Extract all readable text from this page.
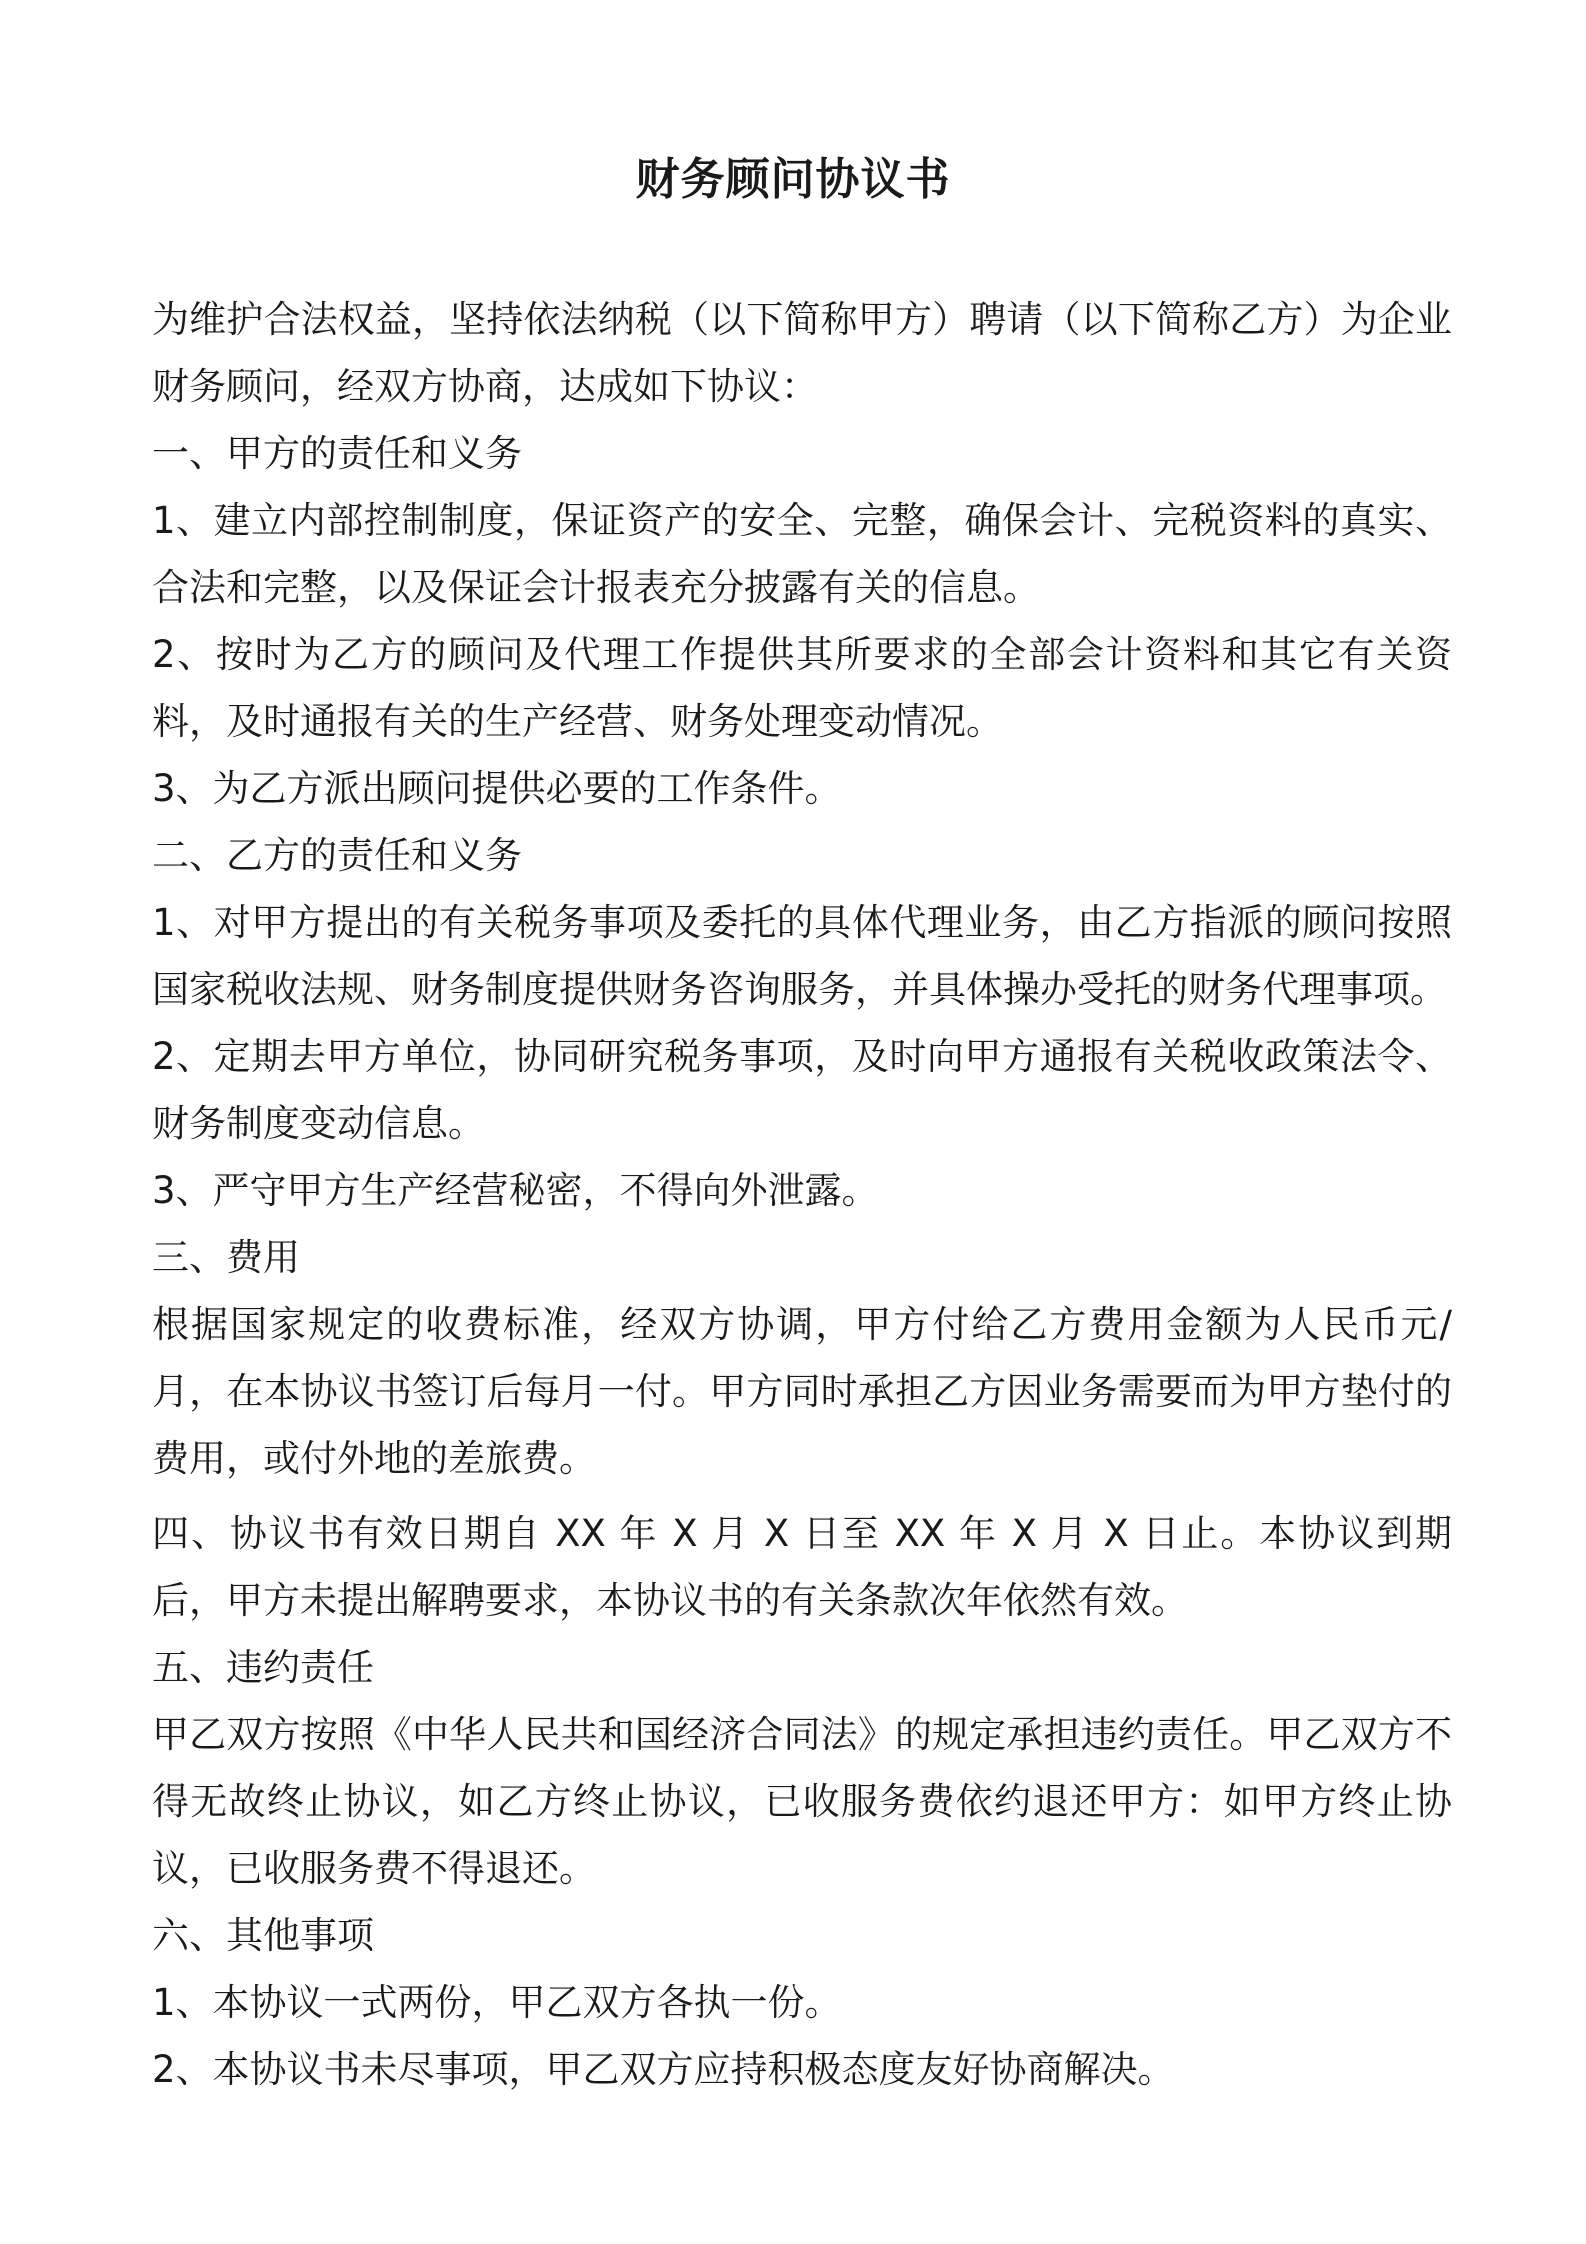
财务顾问协议书

为维护合法权益，坚持依法纳税（以下简称甲方）聘请（以下简称乙方）为企业财务顾问，经双方协商，达成如下协议：

一、甲方的责任和义务

1、建立内部控制制度，保证资产的安全、完整，确保会计、完税资料的真实、合法和完整，以及保证会计报表充分披露有关的信息。

2、按时为乙方的顾问及代理工作提供其所要求的全部会计资料和其它有关资料，及时通报有关的生产经营、财务处理变动情况。

3、为乙方派出顾问提供必要的工作条件。

二、乙方的责任和义务

1、对甲方提出的有关税务事项及委托的具体代理业务，由乙方指派的顾问按照国家税收法规、财务制度提供财务咨询服务，并具体操办受托的财务代理事项。

2、定期去甲方单位，协同研究税务事项，及时向甲方通报有关税收政策法令、财务制度变动信息。

3、严守甲方生产经营秘密，不得向外泄露。

三、费用

根据国家规定的收费标准，经双方协调，甲方付给乙方费用金额为人民币元/月，在本协议书签订后每月一付。甲方同时承担乙方因业务需要而为甲方垫付的费用，或付外地的差旅费。

四、协议书有效日期自 XX 年 X 月 X 日至 XX 年 X 月 X 日止。本协议到期后，甲方未提出解聘要求，本协议书的有关条款次年依然有效。

五、违约责任

甲乙双方按照《中华人民共和国经济合同法》的规定承担违约责任。甲乙双方不得无故终止协议，如乙方终止协议，已收服务费依约退还甲方：如甲方终止协议，已收服务费不得退还。

六、其他事项

1、本协议一式两份，甲乙双方各执一份。

2、本协议书未尽事项，甲乙双方应持积极态度友好协商解决。
